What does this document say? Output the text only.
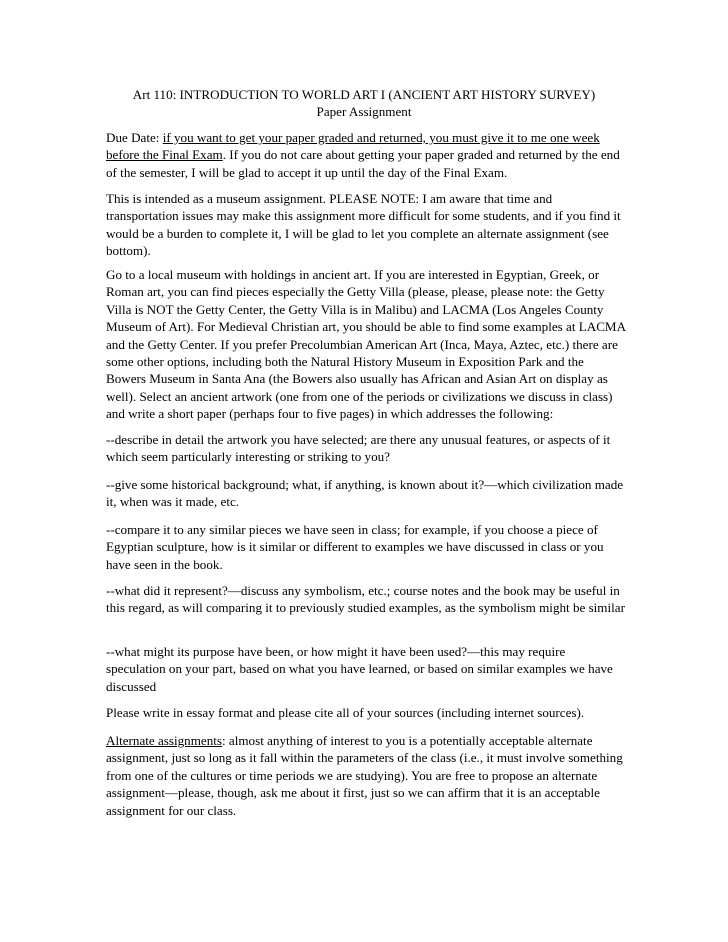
Art 110: INTRODUCTION TO WORLD ART I (ANCIENT ART HISTORY SURVEY)

Paper Assignment

Due Date: if you want to get your paper graded and returned, you must give it to me one week before the Final Exam. If you do not care about getting your paper graded and returned by the end of the semester, I will be glad to accept it up until the day of the Final Exam.

This is intended as a museum assignment. PLEASE NOTE: I am aware that time and transportation issues may make this assignment more difficult for some students, and if you find it would be a burden to complete it, I will be glad to let you complete an alternate assignment (see bottom).

Go to a local museum with holdings in ancient art. If you are interested in Egyptian, Greek, or Roman art, you can find pieces especially the Getty Villa (please, please, please note: the Getty Villa is NOT the Getty Center, the Getty Villa is in Malibu) and LACMA (Los Angeles County Museum of Art). For Medieval Christian art, you should be able to find some examples at LACMA and the Getty Center. If you prefer Precolumbian American Art (Inca, Maya, Aztec, etc.) there are some other options, including both the Natural History Museum in Exposition Park and the Bowers Museum in Santa Ana (the Bowers also usually has African and Asian Art on display as well). Select an ancient artwork (one from one of the periods or civilizations we discuss in class) and write a short paper (perhaps four to five pages) in which addresses the following:

--describe in detail the artwork you have selected; are there any unusual features, or aspects of it which seem particularly interesting or striking to you?

--give some historical background; what, if anything, is known about it?—which civilization made it, when was it made, etc.

--compare it to any similar pieces we have seen in class; for example, if you choose a piece of Egyptian sculpture, how is it similar or different to examples we have discussed in class or you have seen in the book.

--what did it represent?—discuss any symbolism, etc.; course notes and the book may be useful in this regard, as will comparing it to previously studied examples, as the symbolism might be similar

--what might its purpose have been, or how might it have been used?—this may require speculation on your part, based on what you have learned, or based on similar examples we have discussed

Please write in essay format and please cite all of your sources (including internet sources).

Alternate assignments: almost anything of interest to you is a potentially acceptable alternate assignment, just so long as it fall within the parameters of the class (i.e., it must involve something from one of the cultures or time periods we are studying). You are free to propose an alternate assignment—please, though, ask me about it first, just so we can affirm that it is an acceptable assignment for our class.
